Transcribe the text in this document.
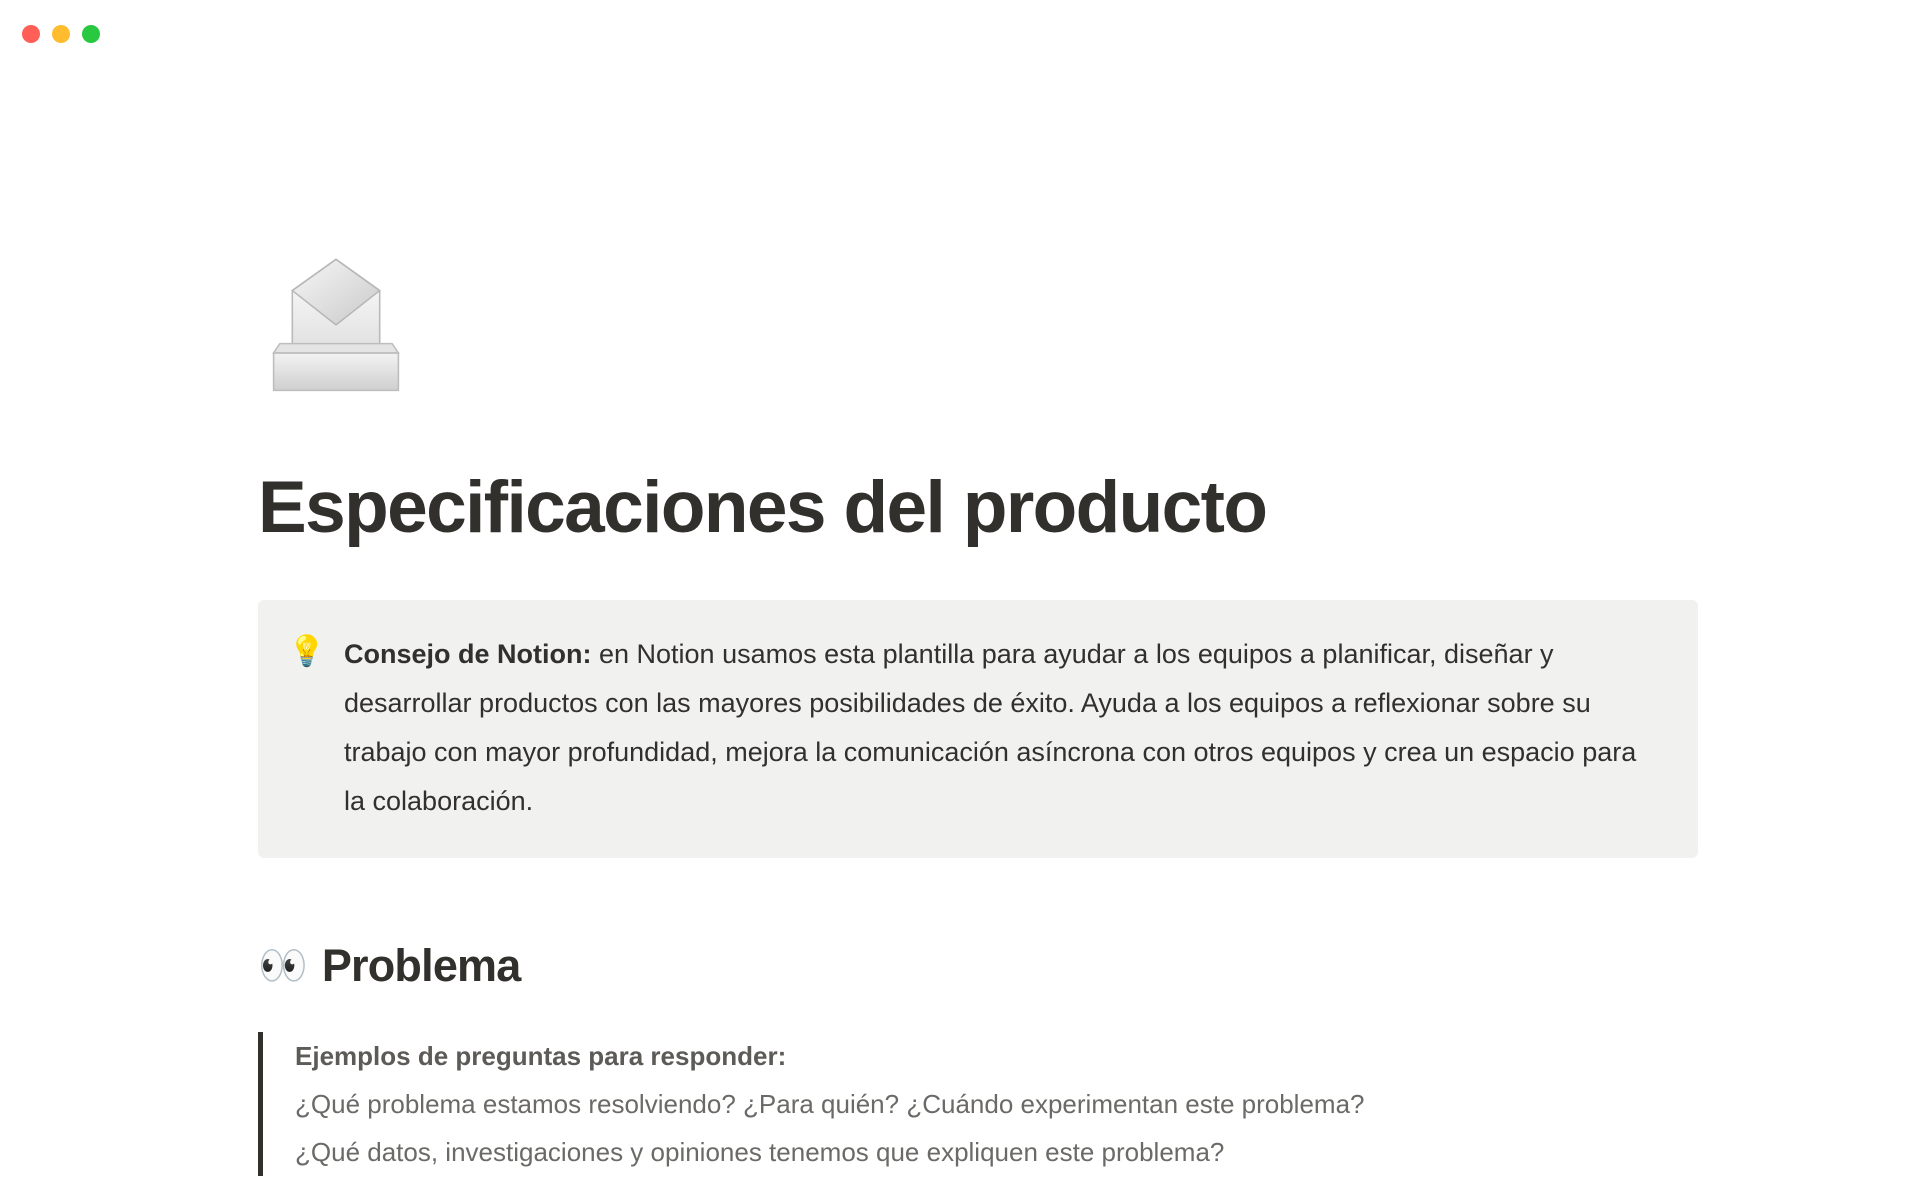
Especificaciones del producto
💡 Consejo de Notion: en Notion usamos esta plantilla para ayudar a los equipos a planificar, diseñar y desarrollar productos con las mayores posibilidades de éxito. Ayuda a los equipos a reflexionar sobre su trabajo con mayor profundidad, mejora la comunicación asíncrona con otros equipos y crea un espacio para la colaboración.
👀 Problema
Ejemplos de preguntas para responder:
¿Qué problema estamos resolviendo? ¿Para quién? ¿Cuándo experimentan este problema?
¿Qué datos, investigaciones y opiniones tenemos que expliquen este problema?
